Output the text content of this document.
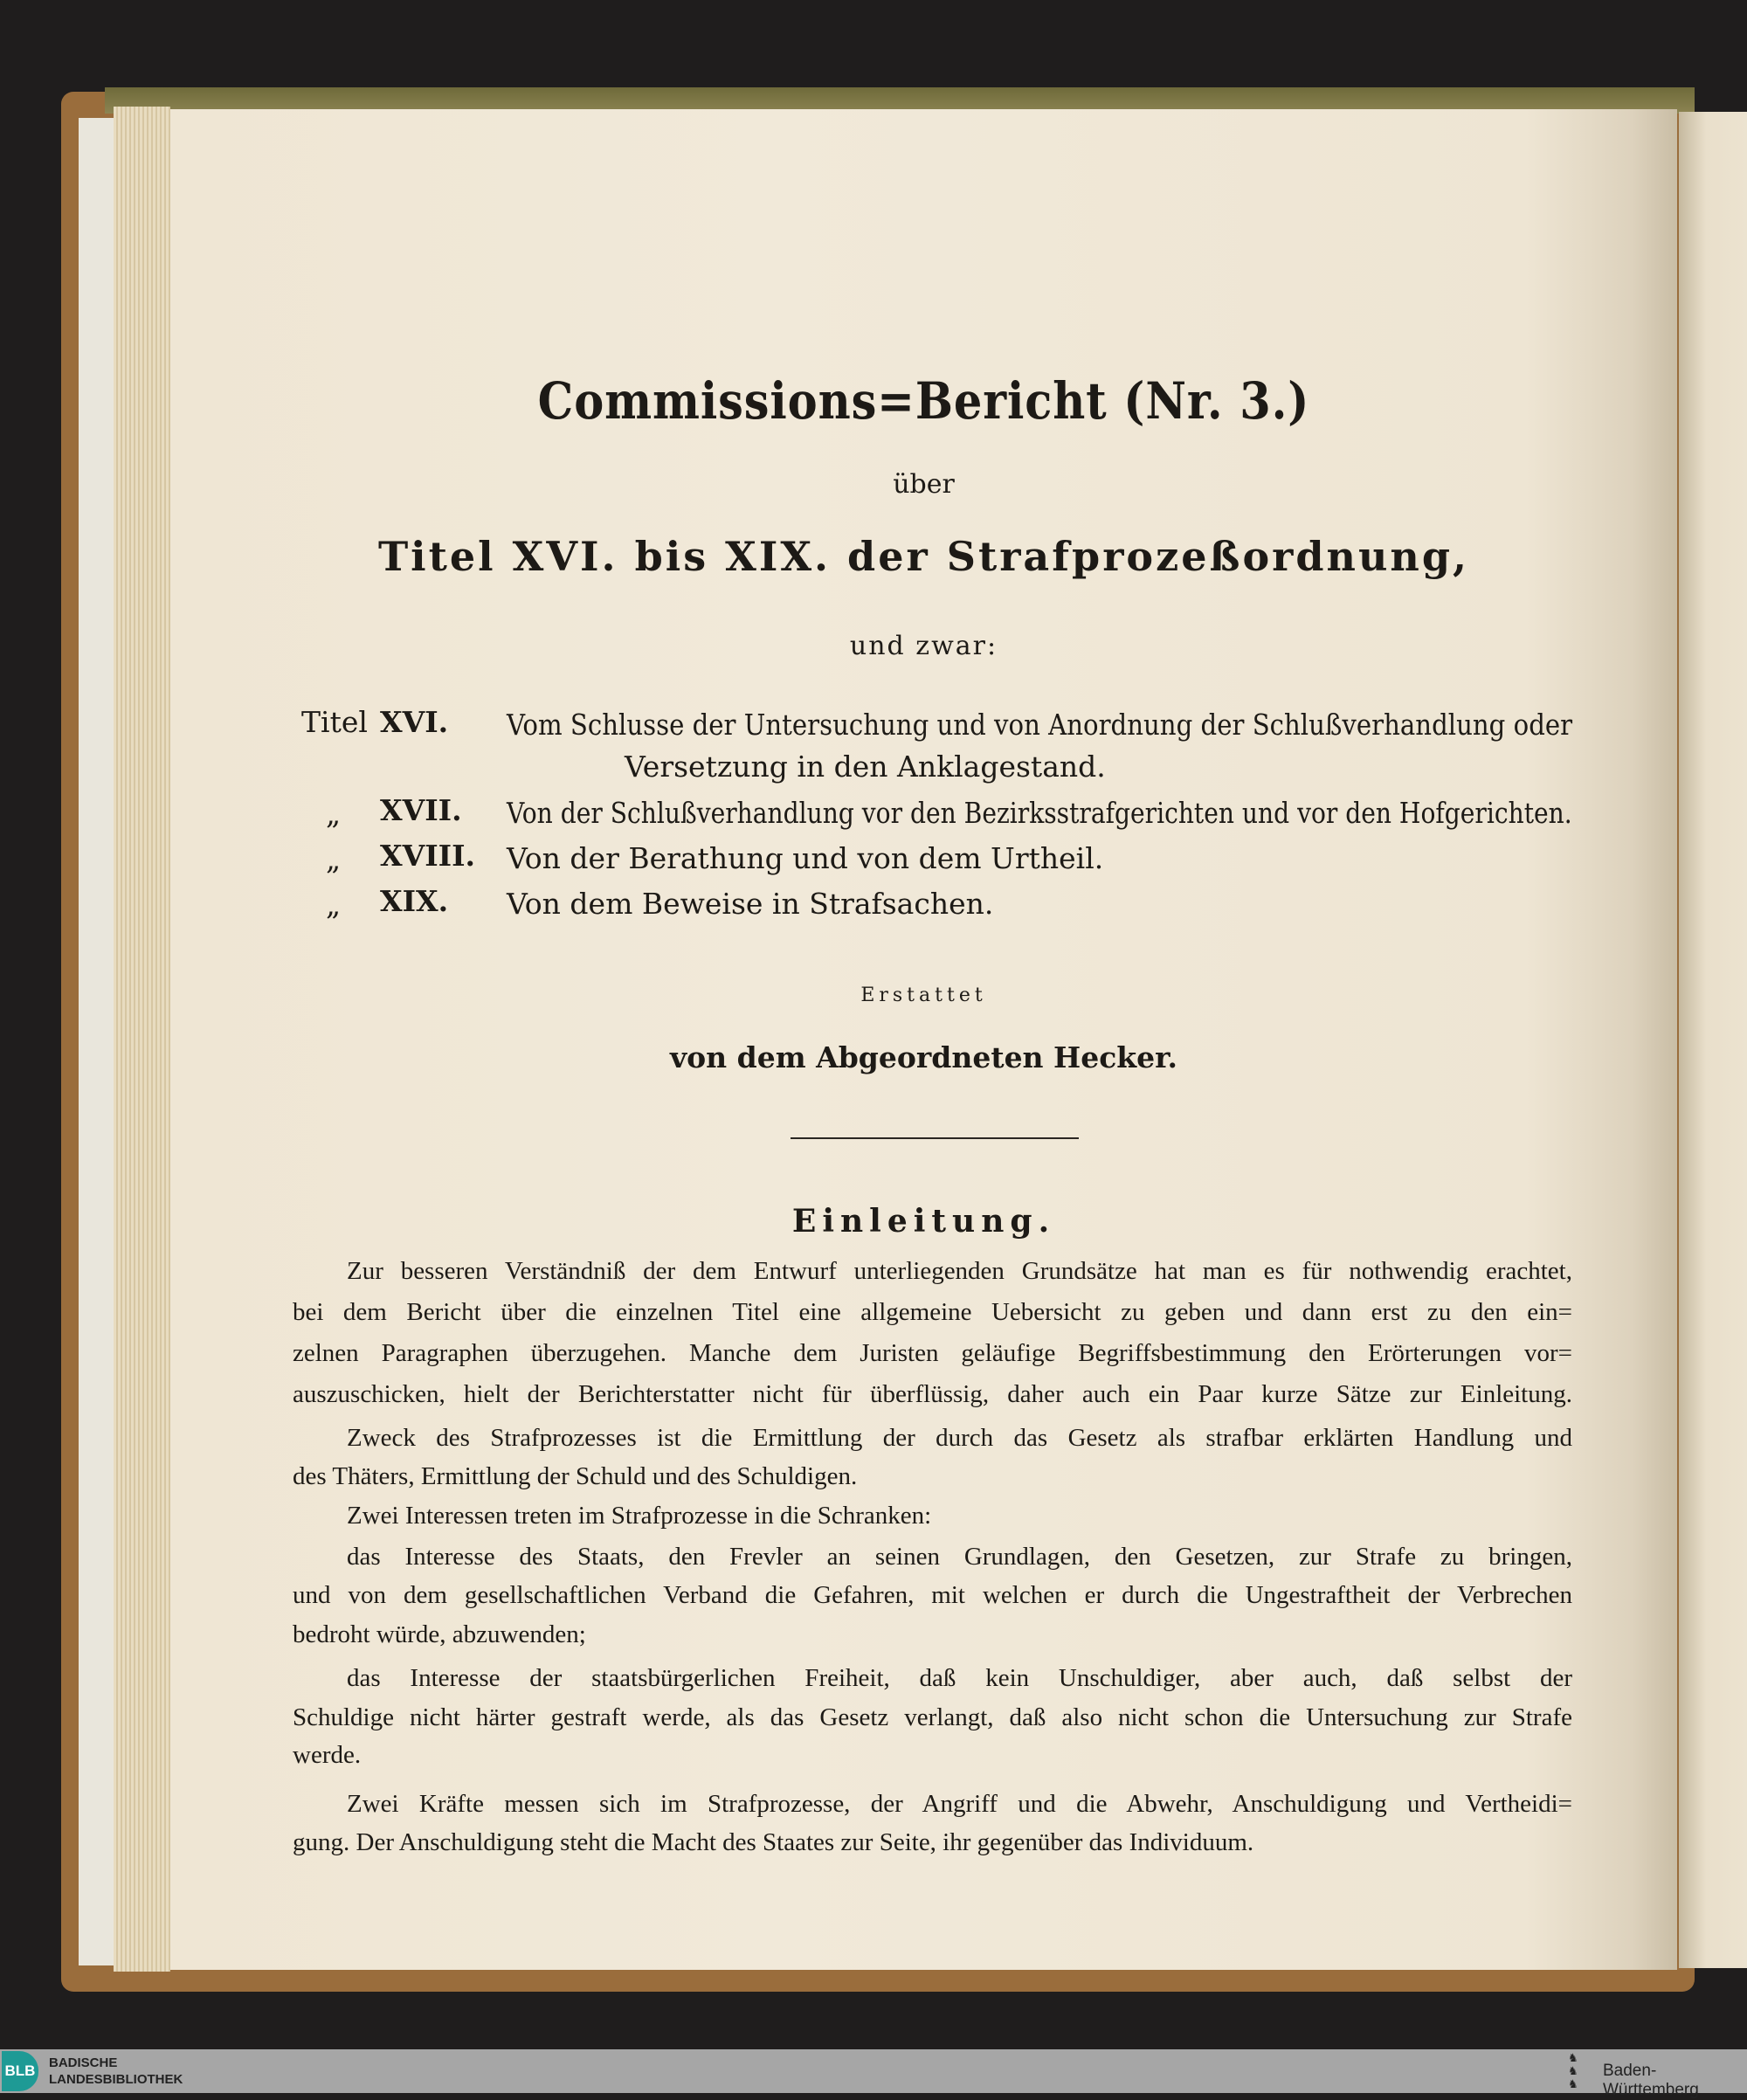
Commissions=Bericht (Nr. 3.)
über
Titel XVI. bis XIX. der Strafprozeßordnung,
und zwar:
Titel XVI. Vom Schlusse der Untersuchung und von Anordnung der Schlußverhandlung oder
Versetzung in den Anklagestand.
„ XVII. Von der Schlußverhandlung vor den Bezirksstrafgerichten und vor den Hofgerichten.
„ XVIII. Von der Berathung und von dem Urtheil.
„ XIX. Von dem Beweise in Strafsachen.
Erstattet
von dem Abgeordneten Hecker.
Einleitung.
Zur besseren Verständniß der dem Entwurf unterliegenden Grundsätze hat man es für nothwendig erachtet,
bei dem Bericht über die einzelnen Titel eine allgemeine Uebersicht zu geben und dann erst zu den ein=
zelnen Paragraphen überzugehen. Manche dem Juristen geläufige Begriffsbestimmung den Erörterungen vor=
auszuschicken, hielt der Berichterstatter nicht für überflüssig, daher auch ein Paar kurze Sätze zur Einleitung.
Zweck des Strafprozesses ist die Ermittlung der durch das Gesetz als strafbar erklärten Handlung und
des Thäters, Ermittlung der Schuld und des Schuldigen.
Zwei Interessen treten im Strafprozesse in die Schranken:
das Interesse des Staats, den Frevler an seinen Grundlagen, den Gesetzen, zur Strafe zu bringen,
und von dem gesellschaftlichen Verband die Gefahren, mit welchen er durch die Ungestraftheit der Verbrechen
bedroht würde, abzuwenden;
das Interesse der staatsbürgerlichen Freiheit, daß kein Unschuldiger, aber auch, daß selbst der
Schuldige nicht härter gestraft werde, als das Gesetz verlangt, daß also nicht schon die Untersuchung zur Strafe
werde.
Zwei Kräfte messen sich im Strafprozesse, der Angriff und die Abwehr, Anschuldigung und Vertheidi=
gung. Der Anschuldigung steht die Macht des Staates zur Seite, ihr gegenüber das Individuum.
BLB BADISCHE
LANDESBIBLIOTHEK
♞
♞
♞
Baden-Württemberg
